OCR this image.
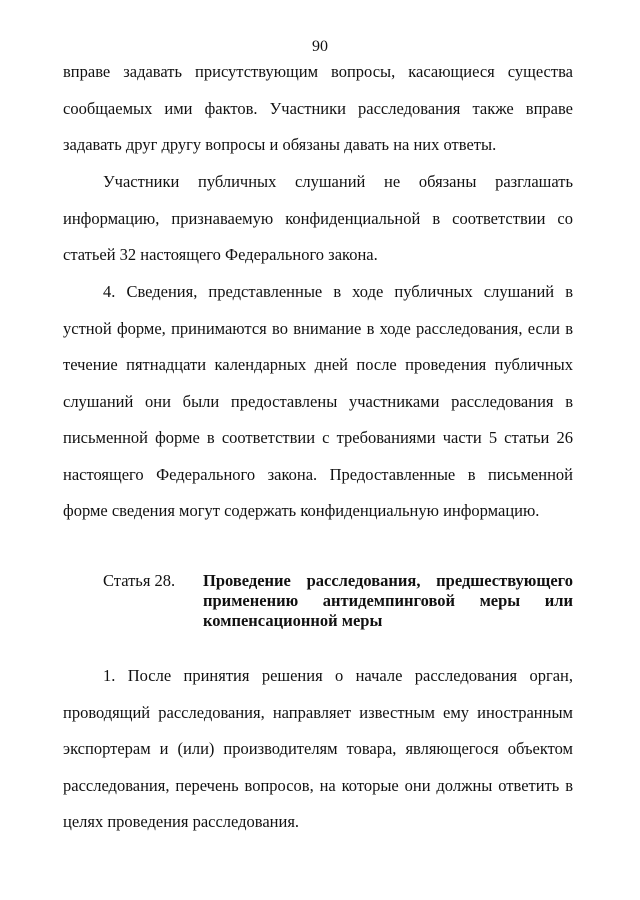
90

вправе задавать присутствующим вопросы, касающиеся существа сообщаемых ими фактов. Участники расследования также вправе задавать друг другу вопросы и обязаны давать на них ответы.

Участники публичных слушаний не обязаны разглашать информацию, признаваемую конфиденциальной в соответствии со статьей 32 настоящего Федерального закона.

4. Сведения, представленные в ходе публичных слушаний в устной форме, принимаются во внимание в ходе расследования, если в течение пятнадцати календарных дней после проведения публичных слушаний они были предоставлены участниками расследования в письменной форме в соответствии с требованиями части 5 статьи 26 настоящего Федерального закона. Предоставленные в письменной форме сведения могут содержать конфиденциальную информацию.

Статья 28. Проведение расследования, предшествующего применению антидемпинговой меры или компенсационной меры

1. После принятия решения о начале расследования орган, проводящий расследования, направляет известным ему иностранным экспортерам и (или) производителям товара, являющегося объектом расследования, перечень вопросов, на которые они должны ответить в целях проведения расследования.
